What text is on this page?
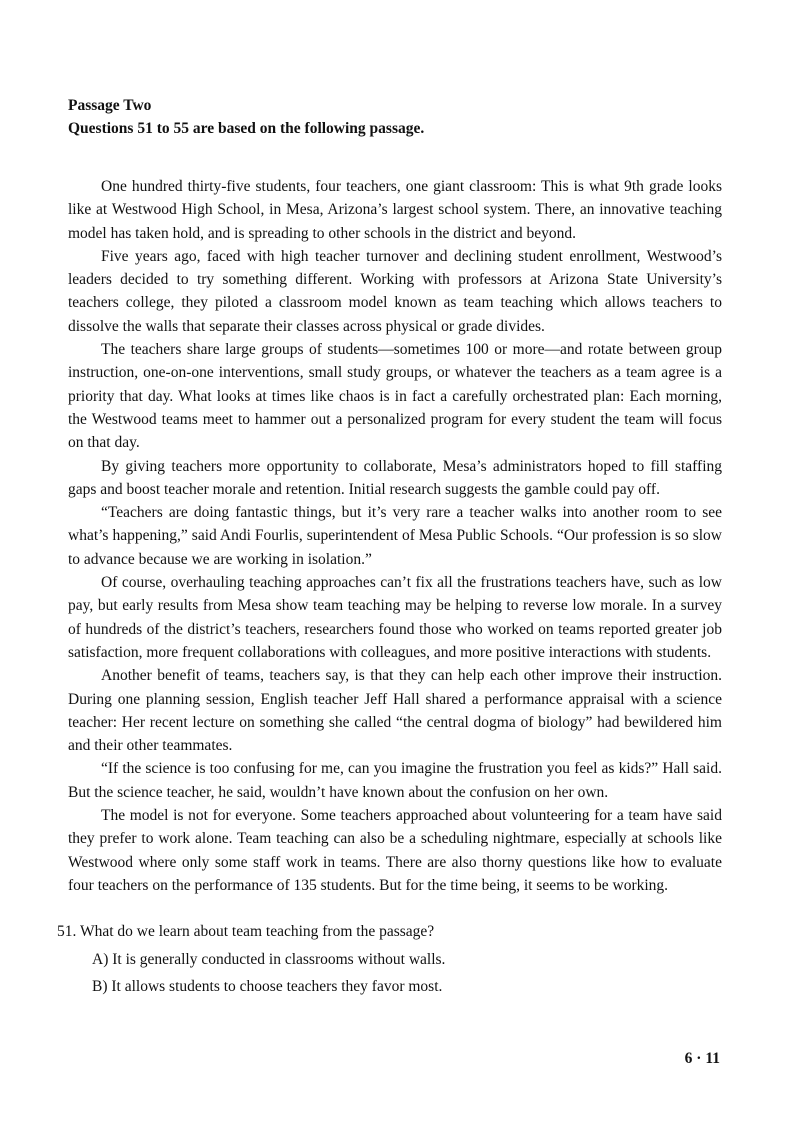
Passage Two

Questions 51 to 55 are based on the following passage.

One hundred thirty-five students, four teachers, one giant classroom: This is what 9th grade looks like at Westwood High School, in Mesa, Arizona’s largest school system. There, an innovative teaching model has taken hold, and is spreading to other schools in the district and beyond.

Five years ago, faced with high teacher turnover and declining student enrollment, Westwood’s leaders decided to try something different. Working with professors at Arizona State University’s teachers college, they piloted a classroom model known as team teaching which allows teachers to dissolve the walls that separate their classes across physical or grade divides.

The teachers share large groups of students—sometimes 100 or more—and rotate between group instruction, one-on-one interventions, small study groups, or whatever the teachers as a team agree is a priority that day. What looks at times like chaos is in fact a carefully orchestrated plan: Each morning, the Westwood teams meet to hammer out a personalized program for every student the team will focus on that day.

By giving teachers more opportunity to collaborate, Mesa’s administrators hoped to fill staffing gaps and boost teacher morale and retention. Initial research suggests the gamble could pay off.

“Teachers are doing fantastic things, but it’s very rare a teacher walks into another room to see what’s happening,” said Andi Fourlis, superintendent of Mesa Public Schools. “Our profession is so slow to advance because we are working in isolation.”

Of course, overhauling teaching approaches can’t fix all the frustrations teachers have, such as low pay, but early results from Mesa show team teaching may be helping to reverse low morale. In a survey of hundreds of the district’s teachers, researchers found those who worked on teams reported greater job satisfaction, more frequent collaborations with colleagues, and more positive interactions with students.

Another benefit of teams, teachers say, is that they can help each other improve their instruction. During one planning session, English teacher Jeff Hall shared a performance appraisal with a science teacher: Her recent lecture on something she called “the central dogma of biology” had bewildered him and their other teammates.

“If the science is too confusing for me, can you imagine the frustration you feel as kids?” Hall said. But the science teacher, he said, wouldn’t have known about the confusion on her own.

The model is not for everyone. Some teachers approached about volunteering for a team have said they prefer to work alone. Team teaching can also be a scheduling nightmare, especially at schools like Westwood where only some staff work in teams. There are also thorny questions like how to evaluate four teachers on the performance of 135 students. But for the time being, it seems to be working.

51. What do we learn about team teaching from the passage?

A) It is generally conducted in classrooms without walls.

B) It allows students to choose teachers they favor most.

6 · 11
